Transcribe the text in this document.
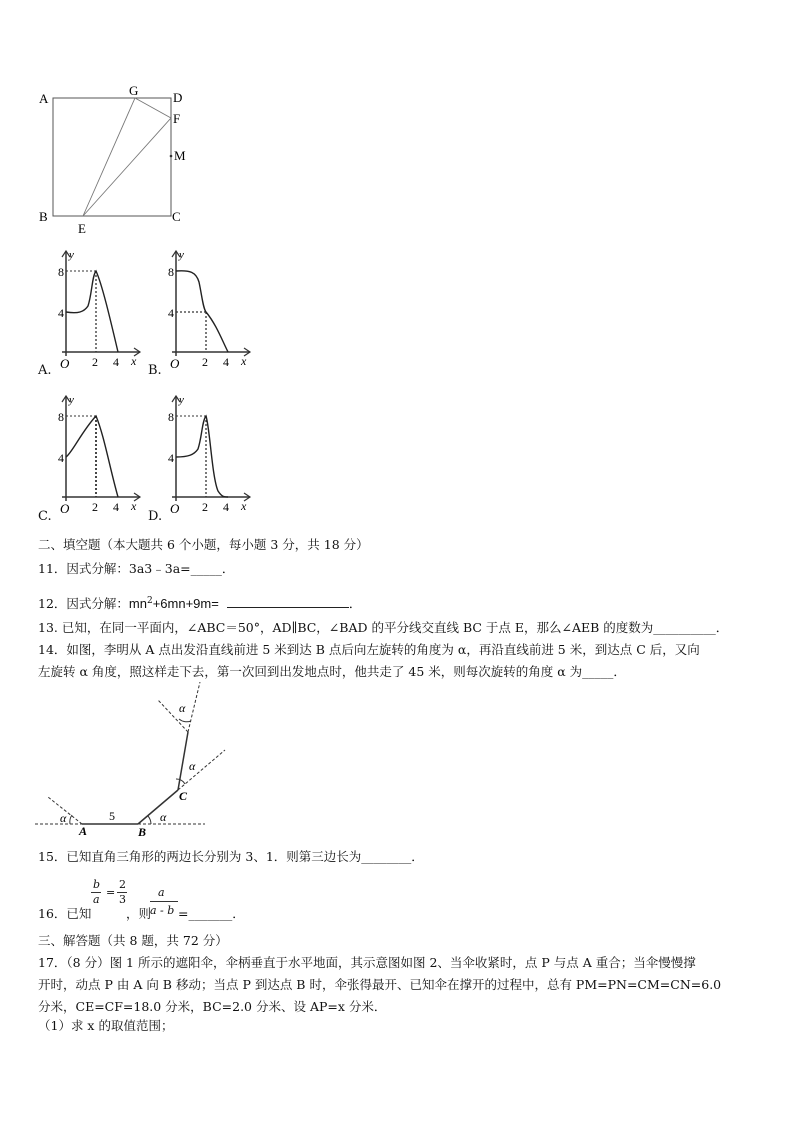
A
B	C
D
F
G
M
E
y
8
4
O 2 4 x
A.
y
8
4
O 2 4 x
B.
y
8
4
O 2 4 x
C.
y
8
4
O 2 4 x
D.
二、填空题（本大题共 6 个小题，每小题 3 分，共 18 分）
11．因式分解：3a3﹣3a=_____．
12．因式分解：$mn^2+6mn+9m=$	．
13. 已知，在同一平面内，∠ABC＝50°，AD∥BC，∠BAD 的平分线交直线 BC 于点 E，那么∠AEB 的度数为__________．
14．如图，李明从 A 点出发沿直线前进 5 米到达 B 点后向左旋转的角度为 α，再沿直线前进 5 米，到达点 C 后，又向
左旋转 α 角度，照这样走下去，第一次回到出发地点时，他共走了 45 米，则每次旋转的角度 α 为_____．
A	B
C
5
α	α
α
α
15．已知直角三角形的两边长分别为 3、1．则第三边长为________．
b
a
=
2
3
16．已知	，则
a
a - b =_______．
三、解答题（共 8 题，共 72 分）
17．（8 分）图 1 所示的遮阳伞，伞柄垂直于水平地面，其示意图如图 2、当伞收紧时，点 P 与点 A 重合；当伞慢慢撑
开时，动点 P 由 A 向 B 移动；当点 P 到达点 B 时，伞张得最开、已知伞在撑开的过程中，总有 PM=PN=CM=CN=6.0
分米，CE=CF=18.0 分米，BC=2.0 分米、设 AP=x 分米．
（1）求 x 的取值范围；
